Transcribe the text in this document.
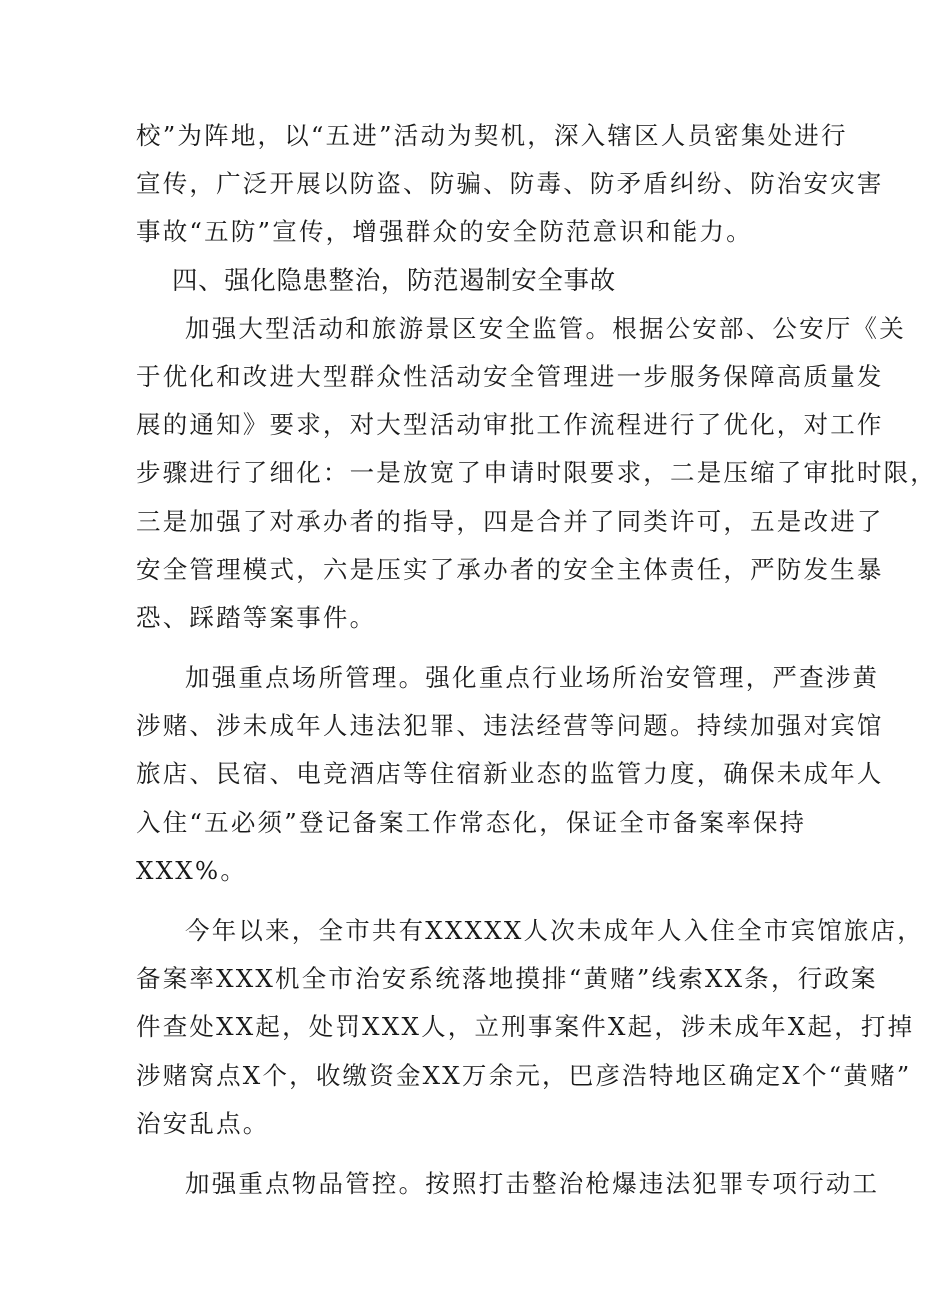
校”为阵地，以“五进”活动为契机，深入辖区人员密集处进行
宣传，广泛开展以防盗、防骗、防毒、防矛盾纠纷、防治安灾害
事故“五防”宣传，增强群众的安全防范意识和能力。
四、强化隐患整治，防范遏制安全事故
加强大型活动和旅游景区安全监管。根据公安部、公安厅《关
于优化和改进大型群众性活动安全管理进一步服务保障高质量发
展的通知》要求，对大型活动审批工作流程进行了优化，对工作
步骤进行了细化：一是放宽了申请时限要求，二是压缩了审批时限，
三是加强了对承办者的指导，四是合并了同类许可，五是改进了
安全管理模式，六是压实了承办者的安全主体责任，严防发生暴
恐、踩踏等案事件。
加强重点场所管理。强化重点行业场所治安管理，严查涉黄
涉赌、涉未成年人违法犯罪、违法经营等问题。持续加强对宾馆
旅店、民宿、电竞酒店等住宿新业态的监管力度，确保未成年人
入住“五必须”登记备案工作常态化，保证全市备案率保持
XXX%。
今年以来，全市共有XXXXX人次未成年人入住全市宾馆旅店，
备案率XXX机全市治安系统落地摸排“黄赌”线索XX条，行政案
件查处XX起，处罚XXX人，立刑事案件X起，涉未成年X起，打掉
涉赌窝点X个，收缴资金XX万余元，巴彦浩特地区确定X个“黄赌”
治安乱点。
加强重点物品管控。按照打击整治枪爆违法犯罪专项行动工
